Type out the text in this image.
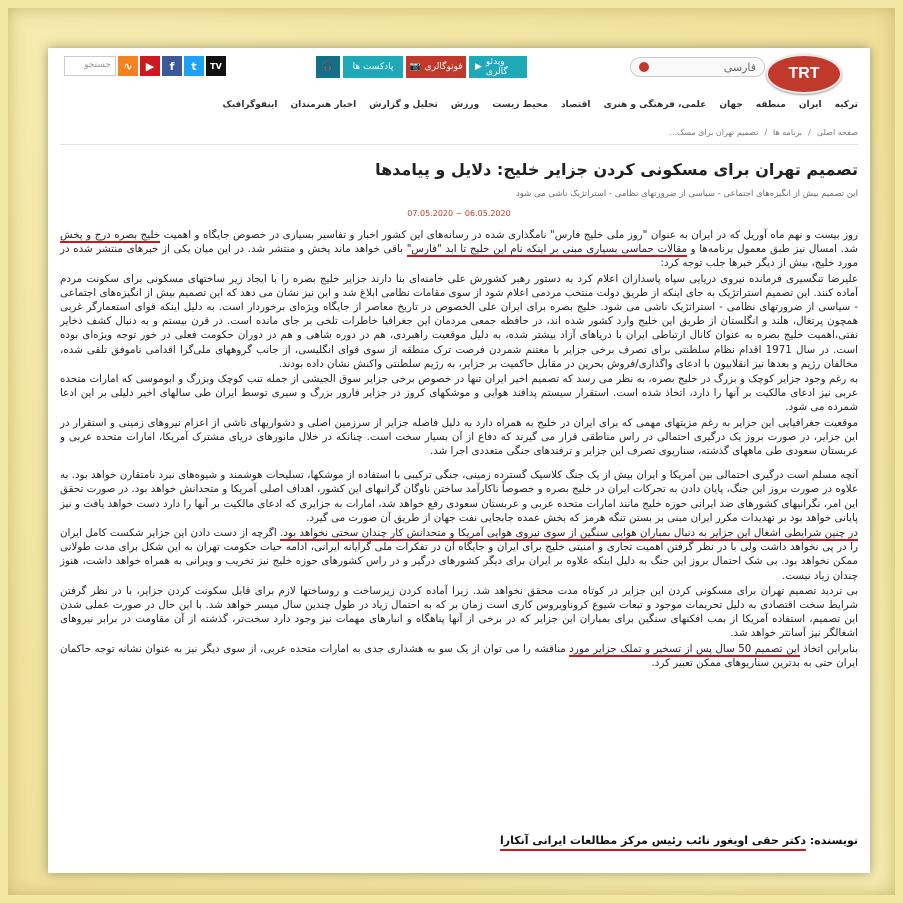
TRT
فارسی
🎧	پادکست ها 📷 فوتوگالری ▶ ویدئو گالری
∿	▶	f	t	TV
جستجو
ترکیه
ایران
منطقه
جهان
علمی، فرهنگی و هنری
اقتصاد
محیط زیست
ورزش
تحلیل و گزارش
اخبار هنرمندان
اینفوگرافیک
صفحه اصلی
/
برنامه ها
/
تصمیم تهران برای مسک...
تصمیم تهران برای مسکونی کردن جزایر خلیج: دلایل و پیامدها
این تصمیم بیش از انگیزه‌های اجتماعی - سیاسی از ضرورتهای نظامی - استراتژیک ناشی می شود
07.05.2020 ~ 06.05.2020

روز بیست و نهم ماه آوریل که در ایران به عنوان "روز ملی خلیج فارس" نامگذاری شده در رسانه‌های این کشور اخبار و تفاسیر بسیاری در خصوص جایگاه و اهمیت خلیج بصره درج و پخش شد. امسال نیز طبق معمول برنامه‌ها و مقالات حماسی بسیاری مبنی بر اینکه نام این خلیج تا ابد "فارس" باقی خواهد ماند پخش و منتشر شد. در این میان یکی از خبرهای منتشر شده در مورد خلیج، بیش از دیگر خبرها جلب توجه کرد:

علیرضا تنگسیری فرمانده نیروی دریایی سپاه پاسداران اعلام کرد به دستور رهبر کشورش علی خامنه‌ای بنا دارند جزایر خلیج بصره را با ایجاد زیر ساختهای مسکونی برای سکونت مردم آماده کنند. این تصمیم استراتژیک به جای اینکه از طریق دولت منتخب مردمی اعلام شود از سوی مقامات نظامی ابلاغ شد و این نیز نشان می دهد که این تصمیم بیش از انگیزه‌های اجتماعی - سیاسی از ضرورتهای نظامی - استراتژیک ناشی می شود. خلیج بصره برای ایران علی الخصوص در تاریخ معاصر از جایگاه ویژه‌ای برخوردار است. به دلیل اینکه قوای استعمارگر غربی همچون پرتغال، هلند و انگلستان از طریق این خلیج وارد کشور شده اند، در حافظه جمعی مردمان این جغرافیا خاطرات تلخی بر جای مانده است. در قرن بیستم و به دنبال کشف ذخایر نفتی،اهمیت خلیج بصره به عنوان کانال ارتباطی ایران با دریاهای آزاد بیشتر شده، به دلیل موقعیت راهبردی، هم در دوره شاهی و هم در دوران حکومت فعلی در خور توجه ویژه‌ای بوده است. در سال 1971 اقدام نظام سلطنتی برای تصرف برخی جزایر با مغتنم شمردن فرصت ترک منطقه از سوی قوای انگلیسی، از جانب گروههای ملی‌گرا اقدامی ناموفق تلقی شده، مخالفان رژیم و بعدها نیز انقلابیون با ادعای واگذاری/فروش بحرین در مقابل حاکمیت بر جزایر، به رژیم سلطنتی واکنش نشان داده بودند.

به رغم وجود جزایر کوچک و بزرگ در خلیج بصره، به نظر می رسد که تصمیم اخیر ایران تنها در خصوص برخی جزایر سوق الجیشی از جمله تنب کوچک وبزرگ و ابوموسی که امارات متحده عربی نیز ادعای مالکیت بر آنها را دارد، اتخاذ شده است. استقرار سیستم پدافند هوایی و موشکهای کروز در جزایر فارور بزرگ و سیری توسط ایران طی سالهای اخیر دلیلی بر این ادعا شمرده می شود.

موقعیت جغرافیایی این جزایر به رغم مزیتهای مهمی که برای ایران در خلیج به همراه دارد به دلیل فاصله جزایر از سرزمین اصلی و دشواریهای ناشی از اعزام نیروهای زمینی و استقرار در این جزایر، در صورت بروز یک درگیری احتمالی در راس مناطقی قرار می گیرند که دفاع از آن بسیار سخت است. چنانکه در خلال مانورهای دریای مشترک آمریکا، امارات متحده عربی و عربستان سعودی طی ماههای گذشته، سناریوی تصرف این جزایر و ترفندهای جنگی متعددی اجرا شد.

آنچه مسلم است درگیری احتمالی بین آمریکا و ایران بیش از یک جنگ کلاسیک گسترده زمینی، جنگی ترکیبی با استفاده از موشکها، تسلیحات هوشمند و شیوه‌های نبرد نامتقارن خواهد بود. به علاوه در صورت بروز این جنگ، پایان دادن به تحرکات ایران در خلیج بصره و خصوصاً ناکارآمد ساختن ناوگان گرانبهای این کشور، اهداف اصلی آمریکا و متحدانش خواهد بود. در صورت تحقق این امر، نگرانیهای کشورهای ضد ایرانی حوزه خلیج مانند امارات متحده عربی و عربستان سعودی رفع خواهد شد، امارات به جزایری که ادعای مالکیت بر آنها را دارد دست خواهد یافت و نیز پایانی خواهد بود بر تهدیدات مکرر ایران مبنی بر بستن تنگه هرمز که بخش عمده جابجایی نفت جهان از طریق آن صورت می گیرد.

در چنین شرایطی اشغال این جزایر به دنبال بمباران هوایی سنگین از سوی نیروی هوایی آمریکا و متحدانش کار چندان سختی نخواهد بود. اگرچه از دست دادن این جزایر شکست کامل ایران را در پی نخواهد داشت ولی با در نظر گرفتن اهمیت تجاری و امنیتی خلیج برای ایران و جایگاه آن در تفکرات ملی گرایانه ایرانی، ادامه حیات حکومت تهران به این شکل برای مدت طولانی ممکن نخواهد بود. بی شک احتمال بروز این جنگ به دلیل اینکه علاوه بر ایران برای دیگر کشورهای درگیر و در راس کشورهای حوزه خلیج نیز تخریب و ویرانی به همراه خواهد داشت، هنوز چندان زیاد نیست.

بی تردید تصمیم تهران برای مسکونی کردن این جزایر در کوتاه مدت محقق نخواهد شد. زیرا آماده کردن زیرساخت و روساختها لازم برای قابل سکونت کردن جزایر، با در نظر گرفتن شرایط سخت اقتصادی به دلیل تحریمات موجود و تبعات شیوع کروناویروس کاری است زمان بر که به احتمال زیاد در طول چندین سال میسر خواهد شد. با این حال در صورت عملی شدن این تصمیم، استفاده آمریکا از بمب افکنهای سنگین برای بمباران این جزایر که در برخی از آنها پناهگاه و انبارهای مهمات نیز وجود دارد سخت‌تر، گذشته از آن مقاومت در برابر نیروهای اشغالگر نیز آسانتر خواهد شد.

بنابراین اتخاذ این تصمیم 50 سال پس از تسخیر و تملک جزایر مورد مناقشه را می توان از یک سو به هشداری جدی به امارات متحده عربی، از سوی دیگر نیز به عنوان نشانه توجه حاکمان ایران حتی به بدترین سناریوهای ممکن تعبیر کرد.

نویسنده: دکتر حقی اویغور نائب رئیس مرکز مطالعات ایرانی آنکارا
